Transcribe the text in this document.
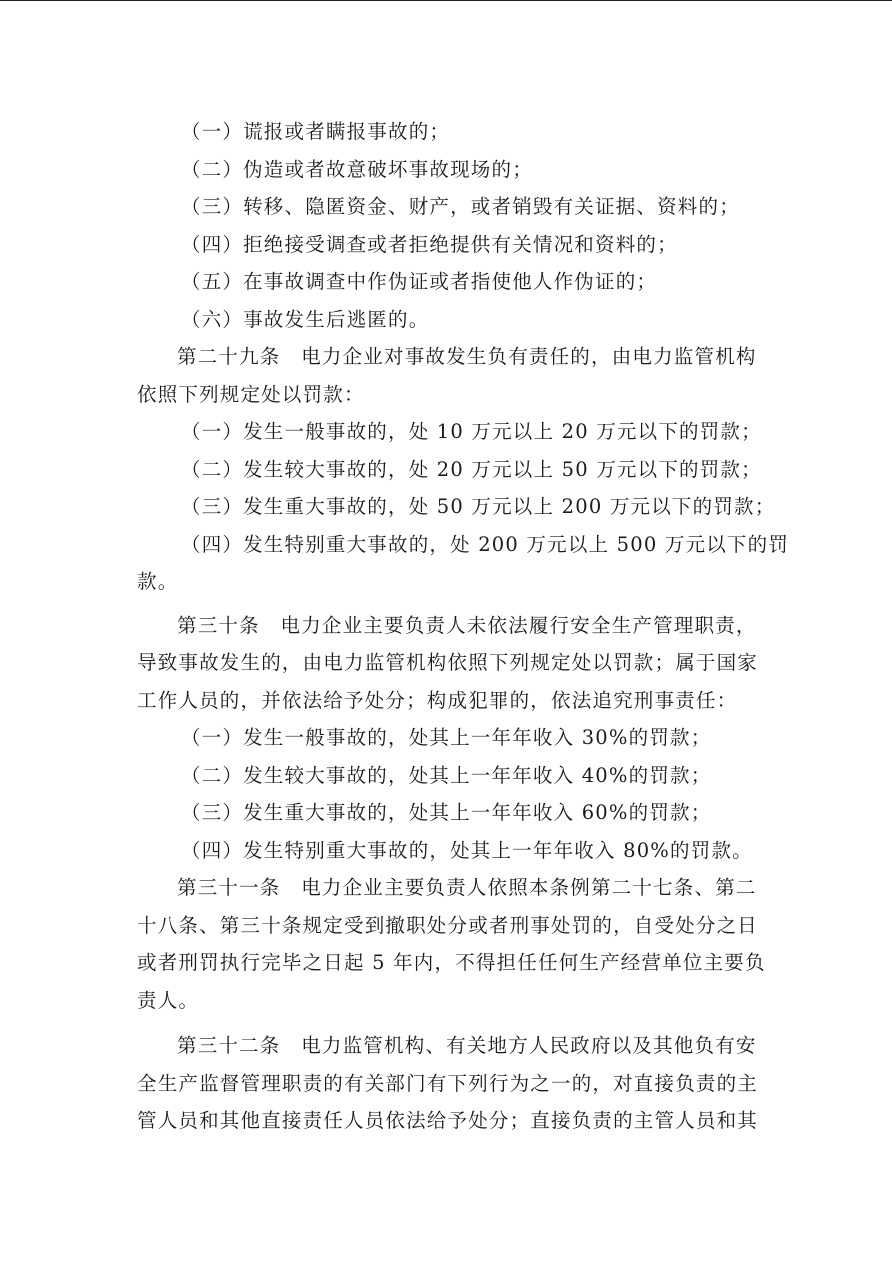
（一）谎报或者瞒报事故的；
（二）伪造或者故意破坏事故现场的；
（三）转移、隐匿资金、财产，或者销毁有关证据、资料的；
（四）拒绝接受调查或者拒绝提供有关情况和资料的；
（五）在事故调查中作伪证或者指使他人作伪证的；
（六）事故发生后逃匿的。
第二十九条　电力企业对事故发生负有责任的，由电力监管机构
依照下列规定处以罚款：
（一）发生一般事故的，处 10 万元以上 20 万元以下的罚款；
（二）发生较大事故的，处 20 万元以上 50 万元以下的罚款；
（三）发生重大事故的，处 50 万元以上 200 万元以下的罚款；
（四）发生特别重大事故的，处 200 万元以上 500 万元以下的罚
款。
第三十条　电力企业主要负责人未依法履行安全生产管理职责，
导致事故发生的，由电力监管机构依照下列规定处以罚款；属于国家
工作人员的，并依法给予处分；构成犯罪的，依法追究刑事责任：
（一）发生一般事故的，处其上一年年收入 30%的罚款；
（二）发生较大事故的，处其上一年年收入 40%的罚款；
（三）发生重大事故的，处其上一年年收入 60%的罚款；
（四）发生特别重大事故的，处其上一年年收入 80%的罚款。
第三十一条　电力企业主要负责人依照本条例第二十七条、第二
十八条、第三十条规定受到撤职处分或者刑事处罚的，自受处分之日
或者刑罚执行完毕之日起 5 年内，不得担任任何生产经营单位主要负
责人。
第三十二条　电力监管机构、有关地方人民政府以及其他负有安
全生产监督管理职责的有关部门有下列行为之一的，对直接负责的主
管人员和其他直接责任人员依法给予处分；直接负责的主管人员和其
